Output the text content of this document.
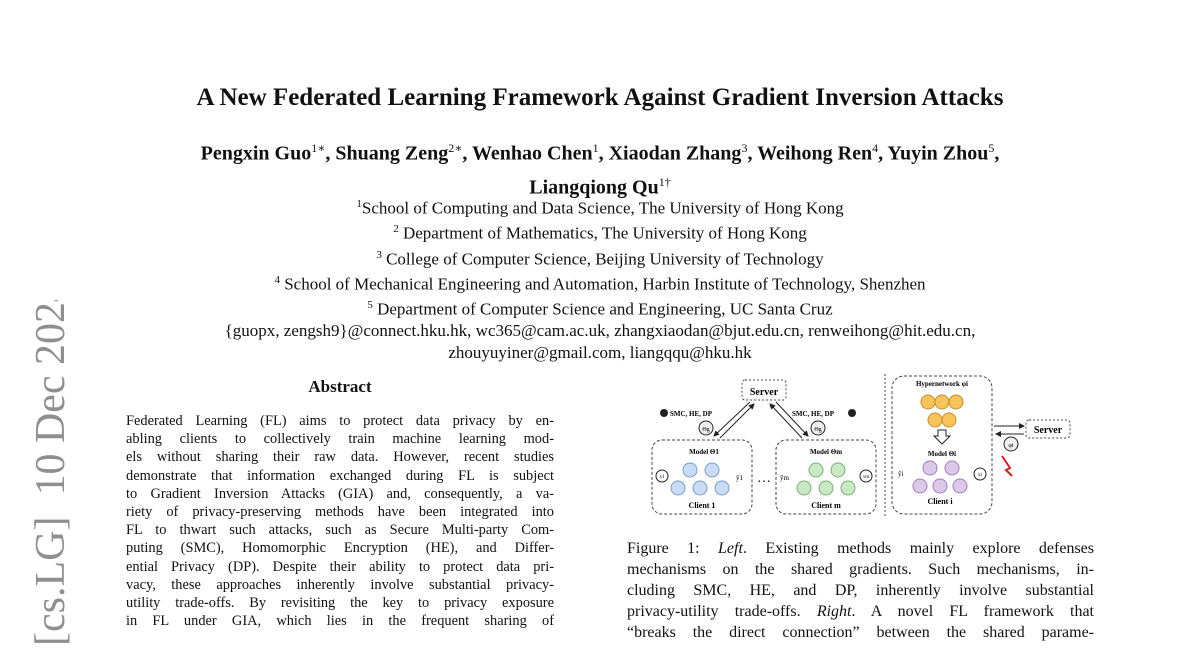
[cs.LG]  10 Dec 2024
A New Federated Learning Framework Against Gradient Inversion Attacks
Pengxin Guo$^{1∗}$, Shuang Zeng$^{2∗}$, Wenhao Chen$^1$, Xiaodan Zhang$^3$, Weihong Ren$^4$, Yuyin Zhou$^5$,
Liangqiong $Qu^{1\dagger}$
$^1$School of Computing and Data Science, The University of Hong Kong
$^2$ Department of Mathematics, The University of Hong Kong
$^3$ College of Computer Science, Beijing University of Technology
$^4$ School of Mechanical Engineering and Automation, Harbin Institute of Technology, Shenzhen
$^5$ Department of Computer Science and Engineering, UC Santa Cruz
{guopx, zengsh9}@connect.hku.hk, wc365@cam.ac.uk, zhangxiaodan@bjut.edu.cn, renweihong@hit.edu.cn,
zhouyuyiner@gmail.com, liangqqu@hku.hk
Abstract
Federated Learning (FL) aims to protect data privacy by en-
abling clients to collectively train machine learning mod-
els without sharing their raw data. However, recent studies
demonstrate that information exchanged during FL is subject
to Gradient Inversion Attacks (GIA) and, consequently, a va-
riety of privacy-preserving methods have been integrated into
FL to thwart such attacks, such as Secure Multi-party Com-
puting (SMC), Homomorphic Encryption (HE), and Differ-
ential Privacy (DP). Despite their ability to protect data pri-
vacy, these approaches inherently involve substantial privacy-
utility trade-offs. By revisiting the key to privacy exposure
in FL under GIA, which lies in the frequent sharing of
Server
SMC, HE, DP	SMC, HE, DP
Θg	Θg
Model Θ1
x1	ŷ1
Client 1
…
Model Θm
xm
ŷm
Client m
Hypernetwork φi
Model Θi
xi
ŷi
Client i
Server
φi
Figure 1: Left. Existing methods mainly explore defenses
mechanisms on the shared gradients. Such mechanisms, in-
cluding SMC, HE, and DP, inherently involve substantial
privacy-utility trade-offs. Right. A novel FL framework that
“breaks the direct connection” between the shared parame-
